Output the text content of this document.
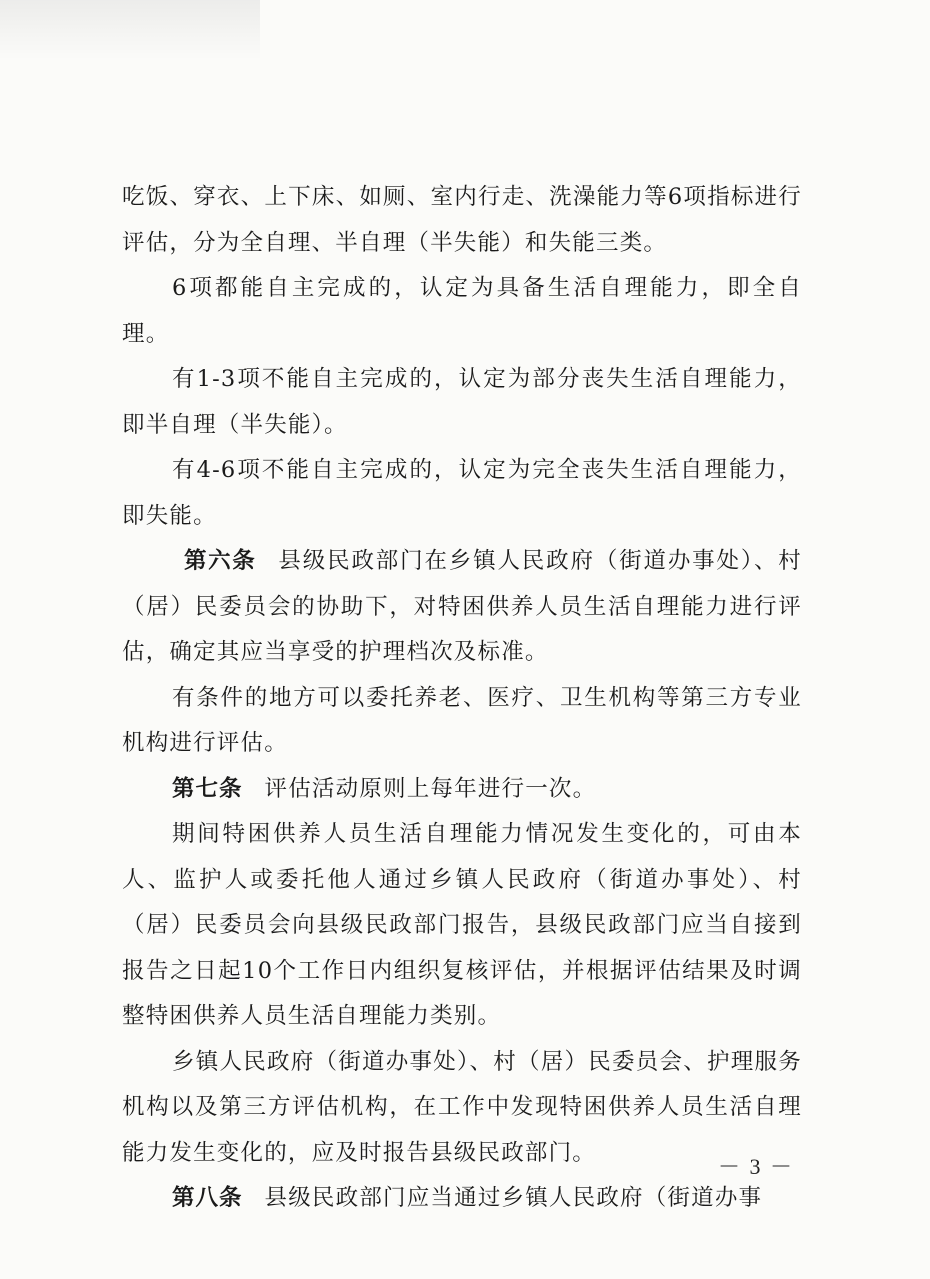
吃饭、穿衣、上下床、如厕、室内行走、洗澡能力等6项指标进行评估，分为全自理、半自理（半失能）和失能三类。

6项都能自主完成的，认定为具备生活自理能力，即全自理。

有1-3项不能自主完成的，认定为部分丧失生活自理能力，即半自理（半失能）。

有4-6项不能自主完成的，认定为完全丧失生活自理能力，即失能。

第六条 县级民政部门在乡镇人民政府（街道办事处）、村（居）民委员会的协助下，对特困供养人员生活自理能力进行评估，确定其应当享受的护理档次及标准。

有条件的地方可以委托养老、医疗、卫生机构等第三方专业机构进行评估。

第七条 评估活动原则上每年进行一次。

期间特困供养人员生活自理能力情况发生变化的，可由本人、监护人或委托他人通过乡镇人民政府（街道办事处）、村（居）民委员会向县级民政部门报告，县级民政部门应当自接到报告之日起10个工作日内组织复核评估，并根据评估结果及时调整特困供养人员生活自理能力类别。

乡镇人民政府（街道办事处）、村（居）民委员会、护理服务机构以及第三方评估机构，在工作中发现特困供养人员生活自理能力发生变化的，应及时报告县级民政部门。

第八条 县级民政部门应当通过乡镇人民政府（街道办事

－ 3 －
